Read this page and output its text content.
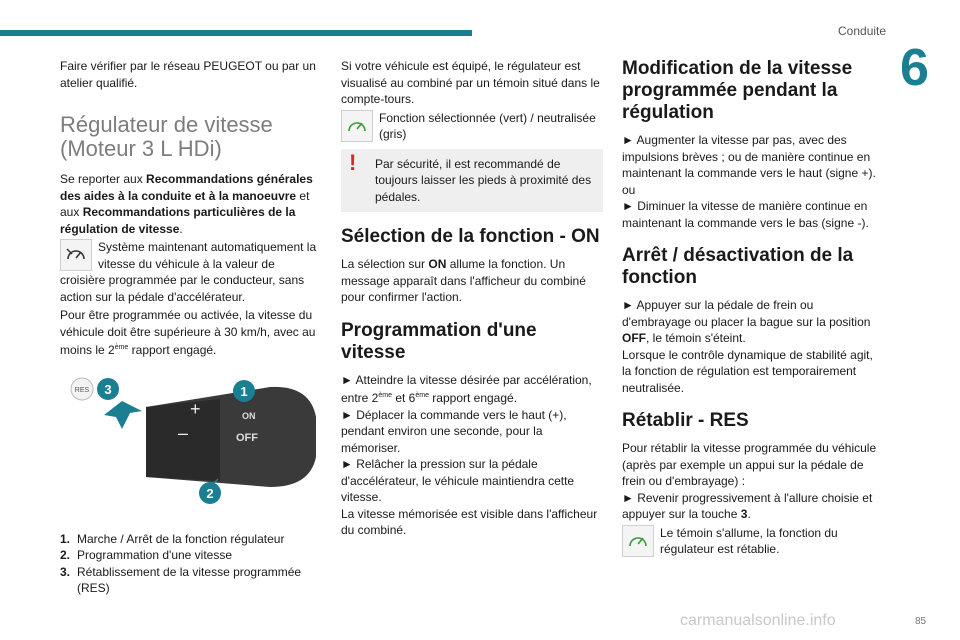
Conduite
6

Faire vérifier par le réseau PEUGEOT ou par un atelier qualifié.

Régulateur de vitesse (Moteur 3 L HDi)

Se reporter aux Recommandations générales des aides à la conduite et à la manoeuvre et aux Recommandations particulières de la régulation de vitesse.

Système maintenant automatiquement la vitesse du véhicule à la valeur de croisière programmée par le conducteur, sans action sur la pédale d'accélérateur.

Pour être programmée ou activée, la vitesse du véhicule doit être supérieure à 30 km/h, avec au moins le 2ème rapport engagé.

RES 3
+
–
ON
OFF
1
2
1. Marche / Arrêt de la fonction régulateur
2. Programmation d'une vitesse
3. Rétablissement de la vitesse programmée (RES)

Si votre véhicule est équipé, le régulateur est visualisé au combiné par un témoin situé dans le compte-tours.

Fonction sélectionnée (vert) / neutralisée (gris)
!	Par sécurité, il est recommandé de toujours laisser les pieds à proximité des pédales.
Sélection de la fonction - ON

La sélection sur ON allume la fonction. Un message apparaît dans l'afficheur du combiné pour confirmer l'action.

Programmation d'une vitesse

► Atteindre la vitesse désirée par accélération, entre 2ème et 6ème rapport engagé.

► Déplacer la commande vers le haut (+), pendant environ une seconde, pour la mémoriser.

► Relâcher la pression sur la pédale d'accélérateur, le véhicule maintiendra cette vitesse.

La vitesse mémorisée est visible dans l'afficheur du combiné.

Modification de la vitesse programmée pendant la régulation

► Augmenter la vitesse par pas, avec des impulsions brèves ; ou de manière continue en maintenant la commande vers le haut (signe +).

ou

► Diminuer la vitesse de manière continue en maintenant la commande vers le bas (signe -).

Arrêt / désactivation de la fonction

► Appuyer sur la pédale de frein ou d'embrayage ou placer la bague sur la position OFF, le témoin s'éteint.

Lorsque le contrôle dynamique de stabilité agit, la fonction de régulation est temporairement neutralisée.

Rétablir - RES

Pour rétablir la vitesse programmée du véhicule (après par exemple un appui sur la pédale de frein ou d'embrayage) :

► Revenir progressivement à l'allure choisie et appuyer sur la touche 3.

Le témoin s'allume, la fonction du régulateur est rétablie.
carmanualsonline.info	85
